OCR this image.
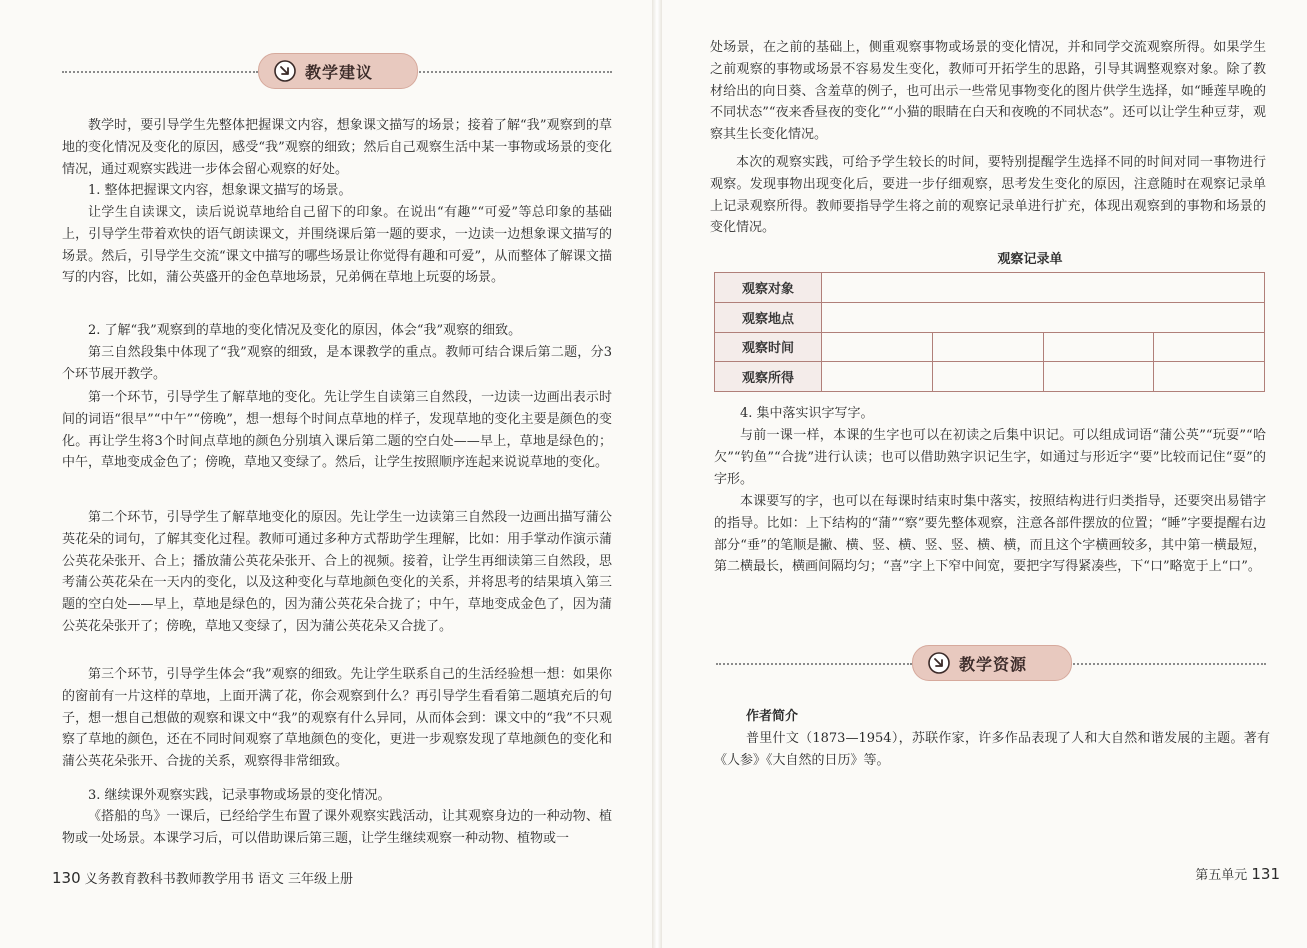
教学建议

教学时，要引导学生先整体把握课文内容，想象课文描写的场景；接着了解“我”观察到的草地的变化情况及变化的原因，感受“我”观察的细致；然后自己观察生活中某一事物或场景的变化情况，通过观察实践进一步体会留心观察的好处。

1. 整体把握课文内容，想象课文描写的场景。

让学生自读课文，读后说说草地给自己留下的印象。在说出“有趣”“可爱”等总印象的基础上，引导学生带着欢快的语气朗读课文，并围绕课后第一题的要求，一边读一边想象课文描写的场景。然后，引导学生交流“课文中描写的哪些场景让你觉得有趣和可爱”，从而整体了解课文描写的内容，比如，蒲公英盛开的金色草地场景，兄弟俩在草地上玩耍的场景。

2. 了解“我”观察到的草地的变化情况及变化的原因，体会“我”观察的细致。

第三自然段集中体现了“我”观察的细致，是本课教学的重点。教师可结合课后第二题，分3个环节展开教学。

第一个环节，引导学生了解草地的变化。先让学生自读第三自然段，一边读一边画出表示时间的词语“很早”“中午”“傍晚”，想一想每个时间点草地的样子，发现草地的变化主要是颜色的变化。再让学生将3个时间点草地的颜色分别填入课后第二题的空白处——早上，草地是绿色的；中午，草地变成金色了；傍晚，草地又变绿了。然后，让学生按照顺序连起来说说草地的变化。

第二个环节，引导学生了解草地变化的原因。先让学生一边读第三自然段一边画出描写蒲公英花朵的词句，了解其变化过程。教师可通过多种方式帮助学生理解，比如：用手掌动作演示蒲公英花朵张开、合上；播放蒲公英花朵张开、合上的视频。接着，让学生再细读第三自然段，思考蒲公英花朵在一天内的变化，以及这种变化与草地颜色变化的关系，并将思考的结果填入第三题的空白处——早上，草地是绿色的，因为蒲公英花朵合拢了；中午，草地变成金色了，因为蒲公英花朵张开了；傍晚，草地又变绿了，因为蒲公英花朵又合拢了。

第三个环节，引导学生体会“我”观察的细致。先让学生联系自己的生活经验想一想：如果你的窗前有一片这样的草地，上面开满了花，你会观察到什么？再引导学生看看第二题填充后的句子，想一想自己想做的观察和课文中“我”的观察有什么异同，从而体会到：课文中的“我”不只观察了草地的颜色，还在不同时间观察了草地颜色的变化，更进一步观察发现了草地颜色的变化和蒲公英花朵张开、合拢的关系，观察得非常细致。

3. 继续课外观察实践，记录事物或场景的变化情况。

《搭船的鸟》一课后，已经给学生布置了课外观察实践活动，让其观察身边的一种动物、植物或一处场景。本课学习后，可以借助课后第三题，让学生继续观察一种动物、植物或一

130 义务教育教科书教师教学用书 语文 三年级上册

处场景，在之前的基础上，侧重观察事物或场景的变化情况，并和同学交流观察所得。如果学生之前观察的事物或场景不容易发生变化，教师可开拓学生的思路，引导其调整观察对象。除了教材给出的向日葵、含羞草的例子，也可出示一些常见事物变化的图片供学生选择，如“睡莲早晚的不同状态”“夜来香昼夜的变化”“小猫的眼睛在白天和夜晚的不同状态”。还可以让学生种豆芽，观察其生长变化情况。

本次的观察实践，可给予学生较长的时间，要特别提醒学生选择不同的时间对同一事物进行观察。发现事物出现变化后，要进一步仔细观察，思考发生变化的原因，注意随时在观察记录单上记录观察所得。教师要指导学生将之前的观察记录单进行扩充，体现出观察到的事物和场景的变化情况。

观察记录单
观察对象				
观察地点				
观察时间				
观察所得				

4. 集中落实识字写字。

与前一课一样，本课的生字也可以在初读之后集中识记。可以组成词语“蒲公英”“玩耍”“哈欠”“钓鱼”“合拢”进行认读；也可以借助熟字识记生字，如通过与形近字“要”比较而记住“耍”的字形。

本课要写的字，也可以在每课时结束时集中落实，按照结构进行归类指导，还要突出易错字的指导。比如：上下结构的“蒲”“察”要先整体观察，注意各部件摆放的位置；“睡”字要提醒右边部分“垂”的笔顺是撇、横、竖、横、竖、竖、横、横，而且这个字横画较多，其中第一横最短，第二横最长，横画间隔均匀；“喜”字上下窄中间宽，要把字写得紧凑些，下“口”略宽于上“口”。

教学资源

作者简介

普里什文（1873—1954），苏联作家，许多作品表现了人和大自然和谐发展的主题。著有《人参》《大自然的日历》等。

第五单元 131
